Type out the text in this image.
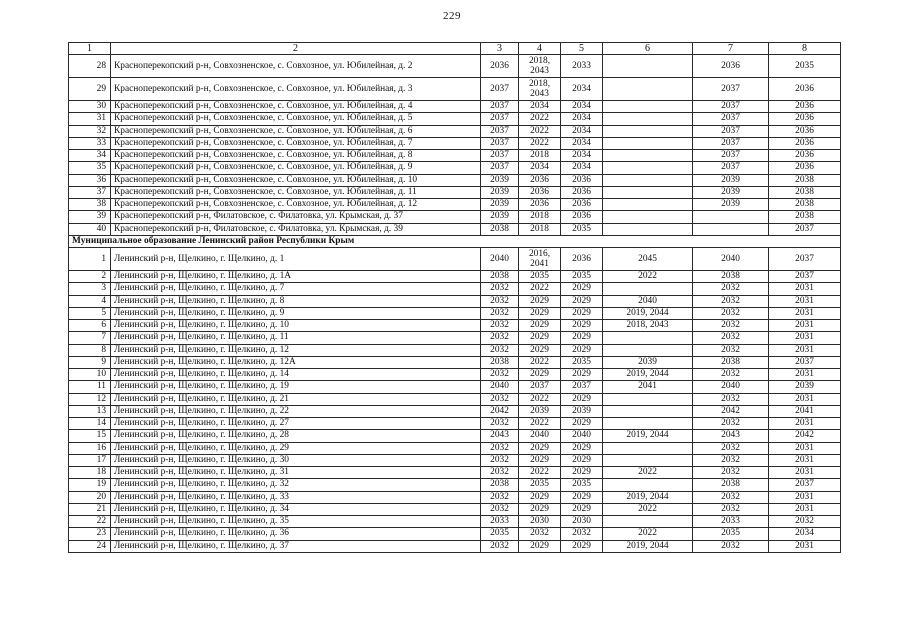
229
1	2	3	4	5	6	7	8
28	Красноперекопский р-н, Совхозненское, с. Совхозное, ул. Юбилейная, д. 2	2036	2018, 2043	2033		2036	2035
29	Красноперекопский р-н, Совхозненское, с. Совхозное, ул. Юбилейная, д. 3	2037	2018, 2043	2034		2037	2036
30	Красноперекопский р-н, Совхозненское, с. Совхозное, ул. Юбилейная, д. 4	2037	2034	2034		2037	2036
31	Красноперекопский р-н, Совхозненское, с. Совхозное, ул. Юбилейная, д. 5	2037	2022	2034		2037	2036
32	Красноперекопский р-н, Совхозненское, с. Совхозное, ул. Юбилейная, д. 6	2037	2022	2034		2037	2036
33	Красноперекопский р-н, Совхозненское, с. Совхозное, ул. Юбилейная, д. 7	2037	2022	2034		2037	2036
34	Красноперекопский р-н, Совхозненское, с. Совхозное, ул. Юбилейная, д. 8	2037	2018	2034		2037	2036
35	Красноперекопский р-н, Совхозненское, с. Совхозное, ул. Юбилейная, д. 9	2037	2034	2034		2037	2036
36	Красноперекопский р-н, Совхозненское, с. Совхозное, ул. Юбилейная, д. 10	2039	2036	2036		2039	2038
37	Красноперекопский р-н, Совхозненское, с. Совхозное, ул. Юбилейная, д. 11	2039	2036	2036		2039	2038
38	Красноперекопский р-н, Совхозненское, с. Совхозное, ул. Юбилейная, д. 12	2039	2036	2036		2039	2038
39	Красноперекопский р-н, Филатовское, с. Филатовка, ул. Крымская, д. 37	2039	2018	2036			2038
40	Красноперекопский р-н, Филатовское, с. Филатовка, ул. Крымская, д. 39	2038	2018	2035			2037
Муниципальное образование Ленинский район Республики Крым							
1	Ленинский р-н, Щелкино, г. Щелкино, д. 1	2040	2016, 2041	2036	2045	2040	2037
2	Ленинский р-н, Щелкино, г. Щелкино, д. 1А	2038	2035	2035	2022	2038	2037
3	Ленинский р-н, Щелкино, г. Щелкино, д. 7	2032	2022	2029		2032	2031
4	Ленинский р-н, Щелкино, г. Щелкино, д. 8	2032	2029	2029	2040	2032	2031
5	Ленинский р-н, Щелкино, г. Щелкино, д. 9	2032	2029	2029	2019, 2044	2032	2031
6	Ленинский р-н, Щелкино, г. Щелкино, д. 10	2032	2029	2029	2018, 2043	2032	2031
7	Ленинский р-н, Щелкино, г. Щелкино, д. 11	2032	2029	2029		2032	2031
8	Ленинский р-н, Щелкино, г. Щелкино, д. 12	2032	2029	2029		2032	2031
9	Ленинский р-н, Щелкино, г. Щелкино, д. 12А	2038	2022	2035	2039	2038	2037
10	Ленинский р-н, Щелкино, г. Щелкино, д. 14	2032	2029	2029	2019, 2044	2032	2031
11	Ленинский р-н, Щелкино, г. Щелкино, д. 19	2040	2037	2037	2041	2040	2039
12	Ленинский р-н, Щелкино, г. Щелкино, д. 21	2032	2022	2029		2032	2031
13	Ленинский р-н, Щелкино, г. Щелкино, д. 22	2042	2039	2039		2042	2041
14	Ленинский р-н, Щелкино, г. Щелкино, д. 27	2032	2022	2029		2032	2031
15	Ленинский р-н, Щелкино, г. Щелкино, д. 28	2043	2040	2040	2019, 2044	2043	2042
16	Ленинский р-н, Щелкино, г. Щелкино, д. 29	2032	2029	2029		2032	2031
17	Ленинский р-н, Щелкино, г. Щелкино, д. 30	2032	2029	2029		2032	2031
18	Ленинский р-н, Щелкино, г. Щелкино, д. 31	2032	2022	2029	2022	2032	2031
19	Ленинский р-н, Щелкино, г. Щелкино, д. 32	2038	2035	2035		2038	2037
20	Ленинский р-н, Щелкино, г. Щелкино, д. 33	2032	2029	2029	2019, 2044	2032	2031
21	Ленинский р-н, Щелкино, г. Щелкино, д. 34	2032	2029	2029	2022	2032	2031
22	Ленинский р-н, Щелкино, г. Щелкино, д. 35	2033	2030	2030		2033	2032
23	Ленинский р-н, Щелкино, г. Щелкино, д. 36	2035	2032	2032	2022	2035	2034
24	Ленинский р-н, Щелкино, г. Щелкино, д. 37	2032	2029	2029	2019, 2044	2032	2031
